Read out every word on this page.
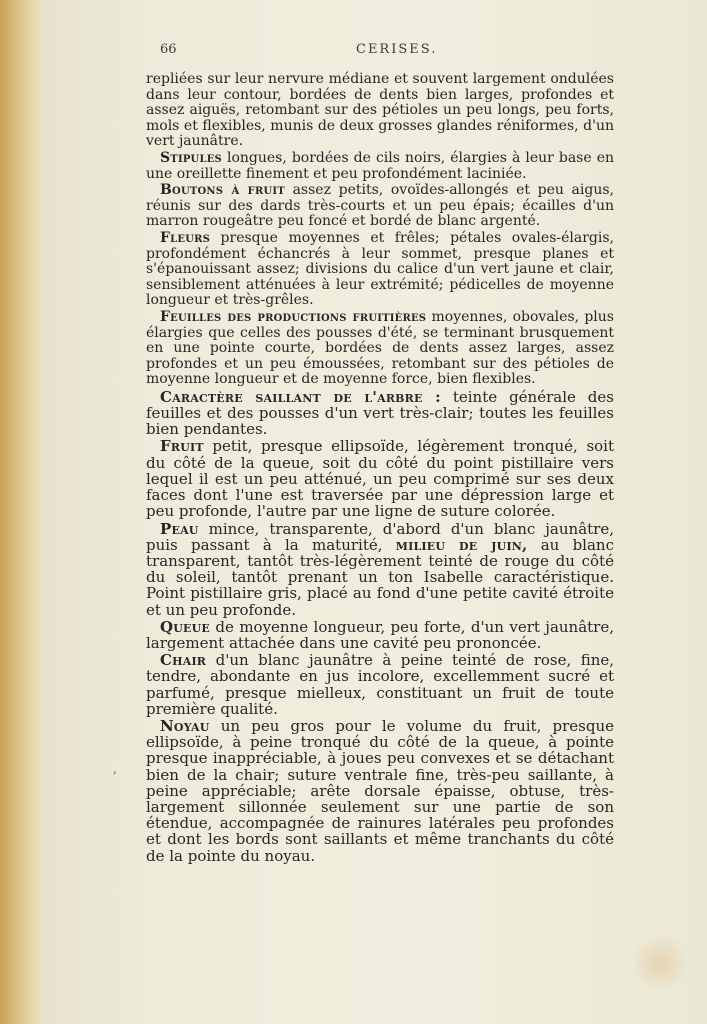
66	CERISES.

repliées sur leur nervure médiane et souvent largement ondulées dans leur contour, bordées de dents bien larges, profondes et assez aiguës, retombant sur des pétioles un peu longs, peu forts, mols et flexibles, munis de deux grosses glandes réniformes, d'un vert jaunâtre.

Stipules longues, bordées de cils noirs, élargies à leur base en une oreillette finement et peu profondément laciniée.

Boutons à fruit assez petits, ovoïdes-allongés et peu aigus, réunis sur des dards très-courts et un peu épais; écailles d'un marron rougeâtre peu foncé et bordé de blanc argenté.

Fleurs presque moyennes et frêles; pétales ovales-élargis, profondément échancrés à leur sommet, presque planes et s'épanouissant assez; divisions du calice d'un vert jaune et clair, sensiblement atténuées à leur extrémité; pédicelles de moyenne longueur et très-grêles.

Feuilles des productions fruitières moyennes, obovales, plus élargies que celles des pousses d'été, se terminant brusquement en une pointe courte, bordées de dents assez larges, assez profondes et un peu émoussées, retombant sur des pétioles de moyenne longueur et de moyenne force, bien flexibles.

Caractère saillant de l'arbre : teinte générale des feuilles et des pousses d'un vert très-clair; toutes les feuilles bien pendantes.

Fruit petit, presque ellipsoïde, légèrement tronqué, soit du côté de la queue, soit du côté du point pistillaire vers lequel il est un peu atténué, un peu comprimé sur ses deux faces dont l'une est traversée par une dépression large et peu profonde, l'autre par une ligne de suture colorée.

Peau mince, transparente, d'abord d'un blanc jaunâtre, puis passant à la maturité, milieu de juin, au blanc transparent, tantôt très-légèrement teinté de rouge du côté du soleil, tantôt prenant un ton Isabelle caractéristique. Point pistillaire gris, placé au fond d'une petite cavité étroite et un peu profonde.

Queue de moyenne longueur, peu forte, d'un vert jaunâtre, largement attachée dans une cavité peu prononcée.

Chair d'un blanc jaunâtre à peine teinté de rose, fine, tendre, abondante en jus incolore, excellemment sucré et parfumé, presque mielleux, constituant un fruit de toute première qualité.

Noyau un peu gros pour le volume du fruit, presque ellipsoïde, à peine tronqué du côté de la queue, à pointe presque inappréciable, à joues peu convexes et se détachant bien de la chair; suture ventrale fine, très-peu saillante, à peine appréciable; arête dorsale épaisse, obtuse, très-largement sillonnée seulement sur une partie de son étendue, accompagnée de rainures latérales peu profondes et dont les bords sont saillants et même tranchants du côté de la pointe du noyau.

,
